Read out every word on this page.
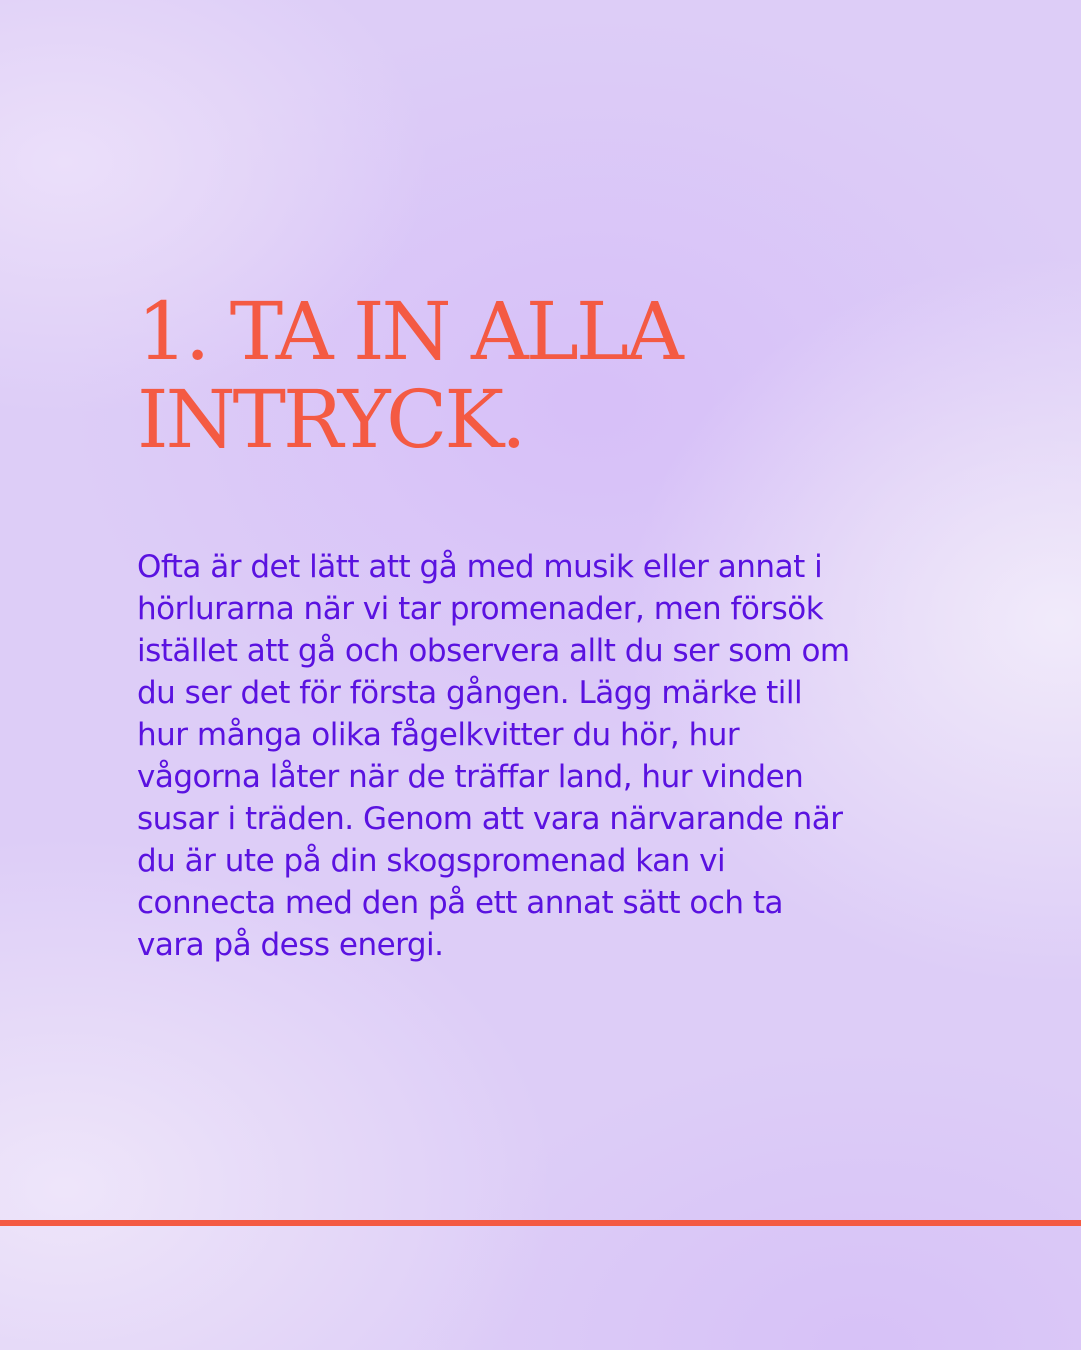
1. TA IN ALLA
INTRYCK.

Ofta är det lätt att gå med musik eller annat i
hörlurarna när vi tar promenader, men försök
istället att gå och observera allt du ser som om
du ser det för första gången. Lägg märke till
hur många olika fågelkvitter du hör, hur
vågorna låter när de träffar land, hur vinden
susar i träden. Genom att vara närvarande när
du är ute på din skogspromenad kan vi
connecta med den på ett annat sätt och ta
vara på dess energi.
